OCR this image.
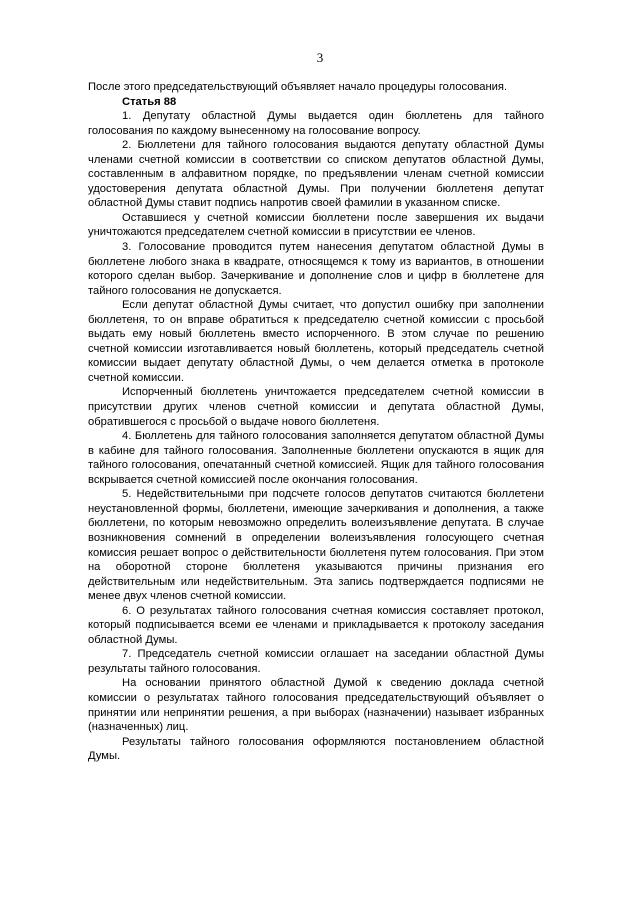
3

После этого председательствующий объявляет начало процедуры голосования.

Статья 88

1. Депутату областной Думы выдается один бюллетень для тайного голосования по каждому вынесенному на голосование вопросу.

2. Бюллетени для тайного голосования выдаются депутату областной Думы членами счетной комиссии в соответствии со списком депутатов областной Думы, составленным в алфавитном порядке, по предъявлении членам счетной комиссии удостоверения депутата областной Думы. При получении бюллетеня депутат областной Думы ставит подпись напротив своей фамилии в указанном списке.

Оставшиеся у счетной комиссии бюллетени после завершения их выдачи уничтожаются председателем счетной комиссии в присутствии ее членов.

3. Голосование проводится путем нанесения депутатом областной Думы в бюллетене любого знака в квадрате, относящемся к тому из вариантов, в отношении которого сделан выбор. Зачеркивание и дополнение слов и цифр в бюллетене для тайного голосования не допускается.

Если депутат областной Думы считает, что допустил ошибку при заполнении бюллетеня, то он вправе обратиться к председателю счетной комиссии с просьбой выдать ему новый бюллетень вместо испорченного. В этом случае по решению счетной комиссии изготавливается новый бюллетень, который председатель счетной комиссии выдает депутату областной Думы, о чем делается отметка в протоколе счетной комиссии.

Испорченный бюллетень уничтожается председателем счетной комиссии в присутствии других членов счетной комиссии и депутата областной Думы, обратившегося с просьбой о выдаче нового бюллетеня.

4. Бюллетень для тайного голосования заполняется депутатом областной Думы в кабине для тайного голосования. Заполненные бюллетени опускаются в ящик для тайного голосования, опечатанный счетной комиссией. Ящик для тайного голосования вскрывается счетной комиссией после окончания голосования.

5. Недействительными при подсчете голосов депутатов считаются бюллетени неустановленной формы, бюллетени, имеющие зачеркивания и дополнения, а также бюллетени, по которым невозможно определить волеизъявление депутата. В случае возникновения сомнений в определении волеизъявления голосующего счетная комиссия решает вопрос о действительности бюллетеня путем голосования. При этом на оборотной стороне бюллетеня указываются причины признания его действительным или недействительным. Эта запись подтверждается подписями не менее двух членов счетной комиссии.

6. О результатах тайного голосования счетная комиссия составляет протокол, который подписывается всеми ее членами и прикладывается к протоколу заседания областной Думы.

7. Председатель счетной комиссии оглашает на заседании областной Думы результаты тайного голосования.

На основании принятого областной Думой к сведению доклада счетной комиссии о результатах тайного голосования председательствующий объявляет о принятии или непринятии решения, а при выборах (назначении) называет избранных (назначенных) лиц.

Результаты тайного голосования оформляются постановлением областной Думы.
